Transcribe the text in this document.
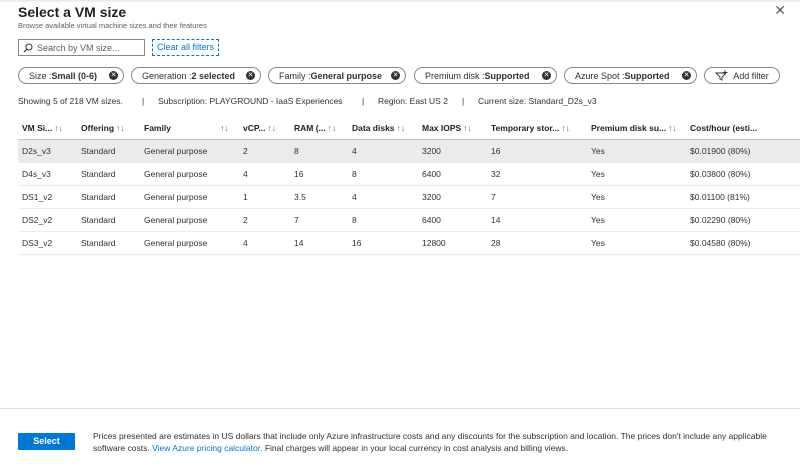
Select a VM size
Browse available virtual machine sizes and their features
✕
Search by VM size...
Clear all filters
Size : Small (0-6) ✕	Generation : 2 selected ✕	Family : General purpose ✕	Premium disk : Supported ✕	Azure Spot : Supported ✕	Add filter
Showing 5 of 218 VM sizes. | Subscription: PLAYGROUND - IaaS Experiences | Region: East US 2 | Current size: Standard_D2s_v3
VM Si... ↑↓	Offering ↑↓	Family	↑↓	vCP... ↑↓	RAM (... ↑↓	Data disks ↑↓	Max IOPS ↑↓	Temporary stor... ↑↓	Premium disk su... ↑↓	Cost/hour (esti...
D2s_v3	Standard	General purpose		2	8	4	3200	16	Yes	$0.01900 (80%)
D4s_v3	Standard	General purpose		4	16	8	6400	32	Yes	$0.03800 (80%)
DS1_v2	Standard	General purpose		1	3.5	4	3200	7	Yes	$0.01100 (81%)
DS2_v2	Standard	General purpose		2	7	8	6400	14	Yes	$0.02290 (80%)
DS3_v2	Standard	General purpose		4	14	16	12800	28	Yes	$0.04580 (80%)
Select	Prices presented are estimates in US dollars that include only Azure infrastructure costs and any discounts for the subscription and location. The prices don't include any applicable software costs. View Azure pricing calculator. Final charges will appear in your local currency in cost analysis and billing views.
